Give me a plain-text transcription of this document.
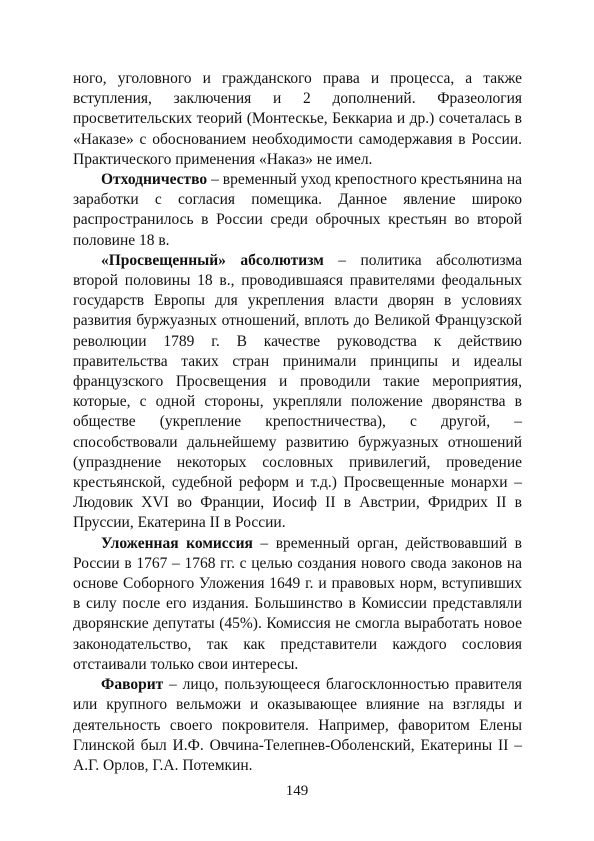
ного, уголовного и гражданского права и процесса, а также вступления, заключения и 2 дополнений. Фразеология просветительских теорий (Монтескье, Беккариа и др.) сочеталась в «Наказе» с обоснованием необходимости самодержавия в России. Практического применения «Наказ» не имел.

Отходничество – временный уход крепостного крестьянина на заработки с согласия помещика. Данное явление широко распространилось в России среди оброчных крестьян во второй половине 18 в.

«Просвещенный» абсолютизм – политика абсолютизма второй половины 18 в., проводившаяся правителями феодальных государств Европы для укрепления власти дворян в условиях развития буржуазных отношений, вплоть до Великой Французской революции 1789 г. В качестве руководства к действию правительства таких стран принимали принципы и идеалы французского Просвещения и проводили такие мероприятия, которые, с одной стороны, укрепляли положение дворянства в обществе (укрепление крепостничества), с другой, – способствовали дальнейшему развитию буржуазных отношений (упразднение некоторых сословных привилегий, проведение крестьянской, судебной реформ и т.д.) Просвещенные монархи – Людовик XVI во Франции, Иосиф II в Австрии, Фридрих II в Пруссии, Екатерина II в России.

Уложенная комиссия – временный орган, действовавший в России в 1767 – 1768 гг. с целью создания нового свода законов на основе Соборного Уложения 1649 г. и правовых норм, вступивших в силу после его издания. Большинство в Комиссии представляли дворянские депутаты (45%). Комиссия не смогла выработать новое законодательство, так как представители каждого сословия отстаивали только свои интересы.

Фаворит – лицо, пользующееся благосклонностью правителя или крупного вельможи и оказывающее влияние на взгляды и деятельность своего покровителя. Например, фаворитом Елены Глинской был И.Ф. Овчина-Телепнев-Оболенский, Екатерины II – А.Г. Орлов, Г.А. Потемкин.

149
